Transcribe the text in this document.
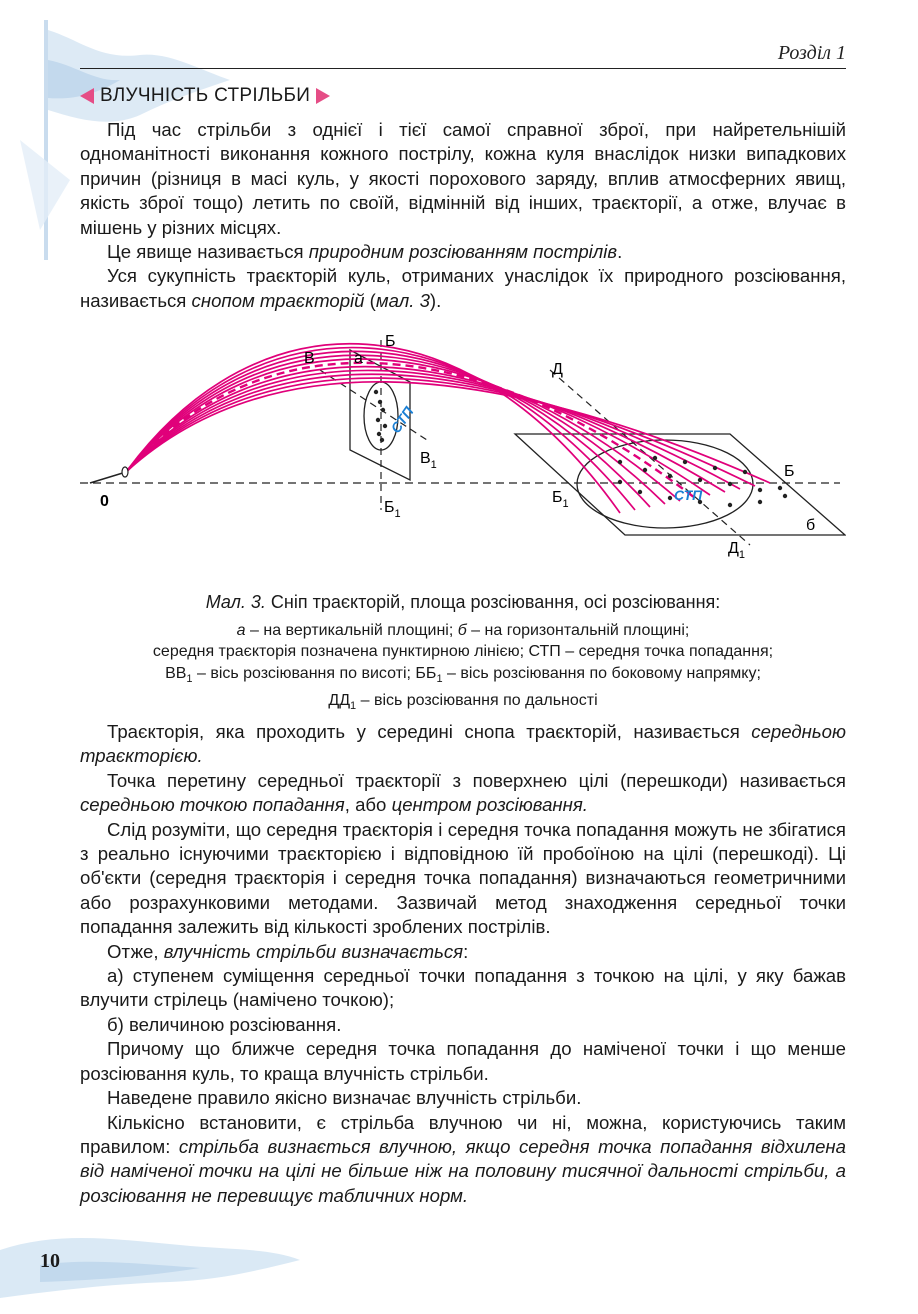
Розділ 1
ВЛУЧНІСТЬ СТРІЛЬБИ

Під час стрільби з однієї і тієї самої справної зброї, при найретельнішій одноманітності виконання кожного пострілу, кожна куля внаслідок низки випадкових причин (різниця в масі куль, у якості порохового заряду, вплив атмосферних явищ, якість зброї тощо) летить по своїй, відмінній від інших, траєкторії, а отже, влучає в мішень у різних місцях.

Це явище називається природним розсіюванням пострілів.

Уся сукупність траєкторій куль, отриманих унаслідок їх природного розсіювання, називається снопом траєкторій (мал. 3).

В а
Б
СТП
$В_1$
0	$Б_1$
Д
$Б_1$
СТП
Б
б
$Д_1$
Мал. 3. Сніп траєкторій, площа розсіювання, осі розсіювання:
а – на вертикальній площині; б – на горизонтальній площині;
середня траєкторія позначена пунктирною лінією; СТП – середня точка попадання;
$ВВ_1$ – вісь розсіювання по висоті; $ББ_1$ – вісь розсіювання по боковому напрямку;
$ДД_1$ – вісь розсіювання по дальності

Траєкторія, яка проходить у середині снопа траєкторій, називається середньою траєкторією.

Точка перетину середньої траєкторії з поверхнею цілі (перешкоди) називається середньою точкою попадання, або центром розсіювання.

Слід розуміти, що середня траєкторія і середня точка попадання можуть не збігатися з реально існуючими траєкторією і відповідною їй пробоїною на цілі (перешкоді). Ці об'єкти (середня траєкторія і середня точка попадання) визначаються геометричними або розрахунковими методами. Зазвичай метод знаходження середньої точки попадання залежить від кількості зроблених пострілів.

Отже, влучність стрільби визначається:

а) ступенем суміщення середньої точки попадання з точкою на цілі, у яку бажав влучити стрілець (намічено точкою);

б) величиною розсіювання.

Причому що ближче середня точка попадання до наміченої точки і що менше розсіювання куль, то краща влучність стрільби.

Наведене правило якісно визначає влучність стрільби.

Кількісно встановити, є стрільба влучною чи ні, можна, користуючись таким правилом: стрільба визнається влучною, якщо середня точка попадання відхилена від наміченої точки на цілі не більше ніж на половину тисячної дальності стрільби, а розсіювання не перевищує табличних норм.

10
